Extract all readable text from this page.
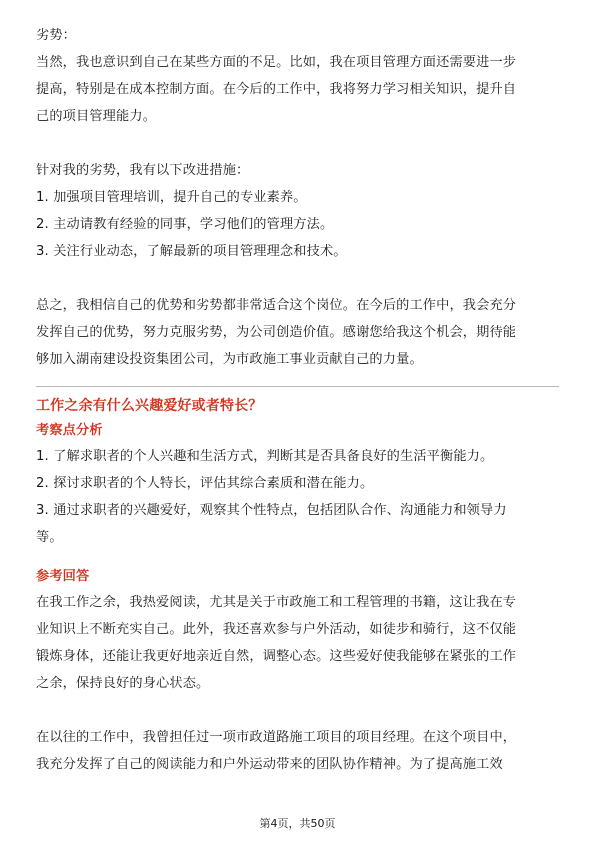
劣势：

当然，我也意识到自己在某些方面的不足。比如，我在项目管理方面还需要进一步

提高，特别是在成本控制方面。在今后的工作中，我将努力学习相关知识，提升自

己的项目管理能力。

针对我的劣势，我有以下改进措施：

1. 加强项目管理培训，提升自己的专业素养。

2. 主动请教有经验的同事，学习他们的管理方法。

3. 关注行业动态，了解最新的项目管理理念和技术。

总之，我相信自己的优势和劣势都非常适合这个岗位。在今后的工作中，我会充分

发挥自己的优势，努力克服劣势，为公司创造价值。感谢您给我这个机会，期待能

够加入湖南建设投资集团公司，为市政施工事业贡献自己的力量。

工作之余有什么兴趣爱好或者特长？

考察点分析

1. 了解求职者的个人兴趣和生活方式，判断其是否具备良好的生活平衡能力。

2. 探讨求职者的个人特长，评估其综合素质和潜在能力。

3. 通过求职者的兴趣爱好，观察其个性特点，包括团队合作、沟通能力和领导力

等。

参考回答

在我工作之余，我热爱阅读，尤其是关于市政施工和工程管理的书籍，这让我在专

业知识上不断充实自己。此外，我还喜欢参与户外活动，如徒步和骑行，这不仅能

锻炼身体，还能让我更好地亲近自然，调整心态。这些爱好使我能够在紧张的工作

之余，保持良好的身心状态。

在以往的工作中，我曾担任过一项市政道路施工项目的项目经理。在这个项目中，

我充分发挥了自己的阅读能力和户外运动带来的团队协作精神。为了提高施工效

第4页，共50页
